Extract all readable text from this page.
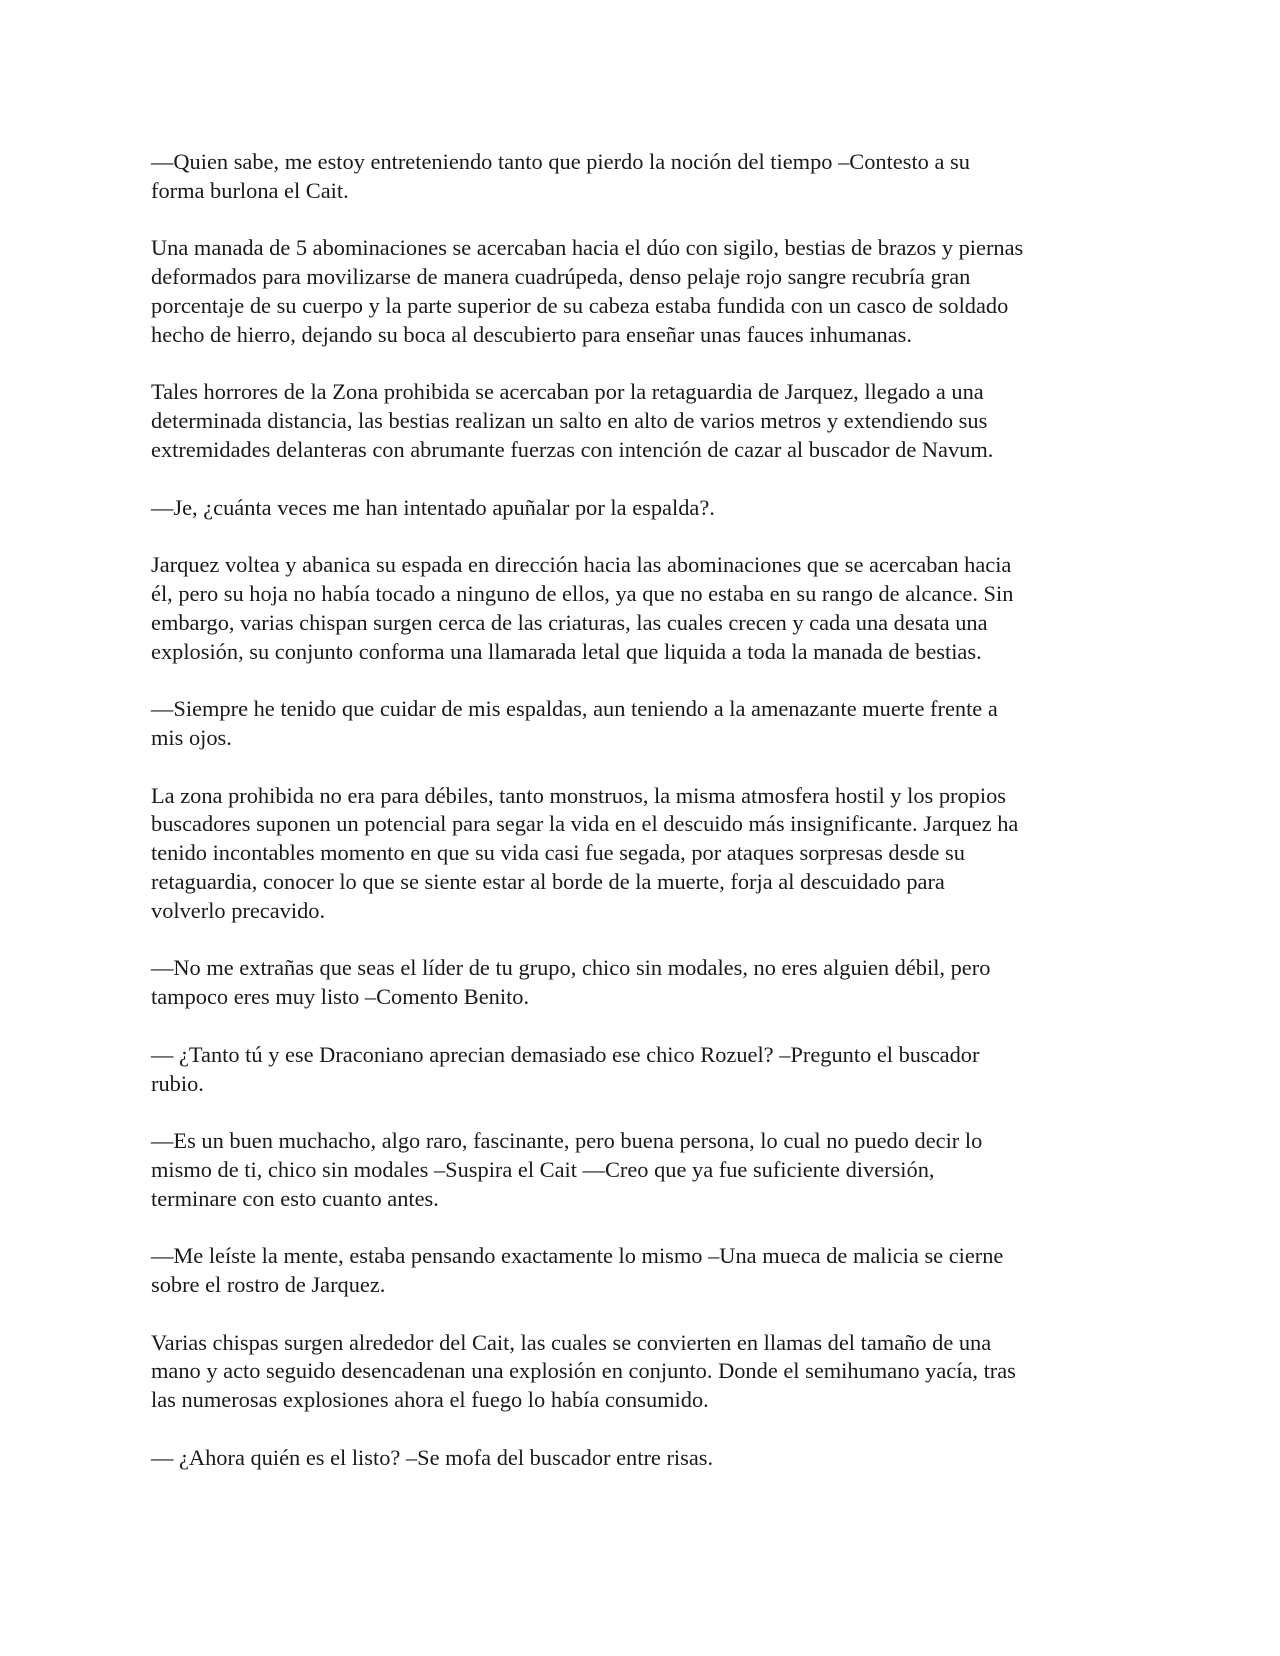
—Quien sabe, me estoy entreteniendo tanto que pierdo la noción del tiempo –Contesto a su
forma burlona el Cait.

Una manada de 5 abominaciones se acercaban hacia el dúo con sigilo, bestias de brazos y piernas
deformados para movilizarse de manera cuadrúpeda, denso pelaje rojo sangre recubría gran
porcentaje de su cuerpo y la parte superior de su cabeza estaba fundida con un casco de soldado
hecho de hierro, dejando su boca al descubierto para enseñar unas fauces inhumanas.

Tales horrores de la Zona prohibida se acercaban por la retaguardia de Jarquez, llegado a una
determinada distancia, las bestias realizan un salto en alto de varios metros y extendiendo sus
extremidades delanteras con abrumante fuerzas con intención de cazar al buscador de Navum.

—Je, ¿cuánta veces me han intentado apuñalar por la espalda?.

Jarquez voltea y abanica su espada en dirección hacia las abominaciones que se acercaban hacia
él, pero su hoja no había tocado a ninguno de ellos, ya que no estaba en su rango de alcance. Sin
embargo, varias chispan surgen cerca de las criaturas, las cuales crecen y cada una desata una
explosión, su conjunto conforma una llamarada letal que liquida a toda la manada de bestias.

—Siempre he tenido que cuidar de mis espaldas, aun teniendo a la amenazante muerte frente a
mis ojos.

La zona prohibida no era para débiles, tanto monstruos, la misma atmosfera hostil y los propios
buscadores suponen un potencial para segar la vida en el descuido más insignificante. Jarquez ha
tenido incontables momento en que su vida casi fue segada, por ataques sorpresas desde su
retaguardia, conocer lo que se siente estar al borde de la muerte, forja al descuidado para
volverlo precavido.

—No me extrañas que seas el líder de tu grupo, chico sin modales, no eres alguien débil, pero
tampoco eres muy listo –Comento Benito.

— ¿Tanto tú y ese Draconiano aprecian demasiado ese chico Rozuel? –Pregunto el buscador
rubio.

—Es un buen muchacho, algo raro, fascinante, pero buena persona, lo cual no puedo decir lo
mismo de ti, chico sin modales –Suspira el Cait —Creo que ya fue suficiente diversión,
terminare con esto cuanto antes.

—Me leíste la mente, estaba pensando exactamente lo mismo –Una mueca de malicia se cierne
sobre el rostro de Jarquez.

Varias chispas surgen alrededor del Cait, las cuales se convierten en llamas del tamaño de una
mano y acto seguido desencadenan una explosión en conjunto. Donde el semihumano yacía, tras
las numerosas explosiones ahora el fuego lo había consumido.

— ¿Ahora quién es el listo? –Se mofa del buscador entre risas.
